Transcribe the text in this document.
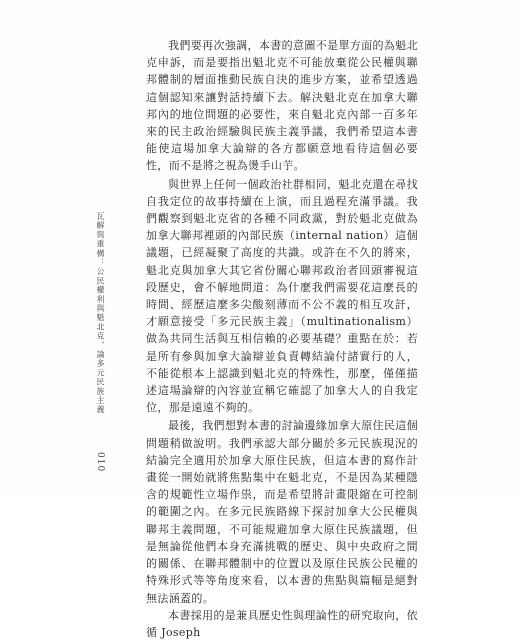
瓦解與重構：公民權利與魁北克，論多元民族主義

我們要再次強調，本書的意圖不是單方面的為魁北克申訴，而是要指出魁北克不可能放棄從公民權與聯邦體制的層面推動民族自決的進步方案，並希望透過這個認知來讓對話持續下去。解決魁北克在加拿大聯邦內的地位問題的必要性，來自魁北克內部一百多年來的民主政治經驗與民族主義爭議，我們希望這本書能使這場加拿大論辯的各方都願意地看待這個必要性，而不是將之視為燙手山芋。

與世界上任何一個政治社群相同，魁北克還在尋找自我定位的故事持續在上演，而且過程充滿爭議。我們觀察到魁北克省的各種不同政黨，對於魁北克做為加拿大聯邦裡頭的內部民族（internal nation）這個議題，已經凝聚了高度的共識。或許在不久的將來，魁北克與加拿大其它省份關心聯邦政治者回頭審視這段歷史，會不解地問道：為什麼我們需要花這麼長的時間、經歷這麼多尖酸刻薄而不公不義的相互攻訐，才願意接受「多元民族主義」（multinationalism）做為共同生活與互相信賴的必要基礎？重點在於：若是所有參與加拿大論辯並負責轉結論付諸實行的人，不能從根本上認識到魁北克的特殊性，那麼，僅僅描述這場論辯的內容並宣稱它確認了加拿大人的自我定位，那是遠遠不夠的。

最後，我們想對本書的討論邊緣加拿大原住民這個問題稍做說明。我們承認大部分關於多元民族現況的結論完全適用於加拿大原住民族，但這本書的寫作計畫從一開始就將焦點集中在魁北克，不是因為某種隱含的規範性立場作祟，而是希望將計畫限縮在可控制的範圍之內。在多元民族路線下探討加拿大公民權與聯邦主義問題，不可能規避加拿大原住民族議題，但是無論從他們本身充滿挑戰的歷史、與中央政府之間的關係、在聯邦體制中的位置以及原住民族公民權的特殊形式等等角度來看，以本書的焦點與篇幅是絕對無法涵蓋的。

本書採用的是兼具歷史性與理論性的研究取向，依循 Joseph

010
